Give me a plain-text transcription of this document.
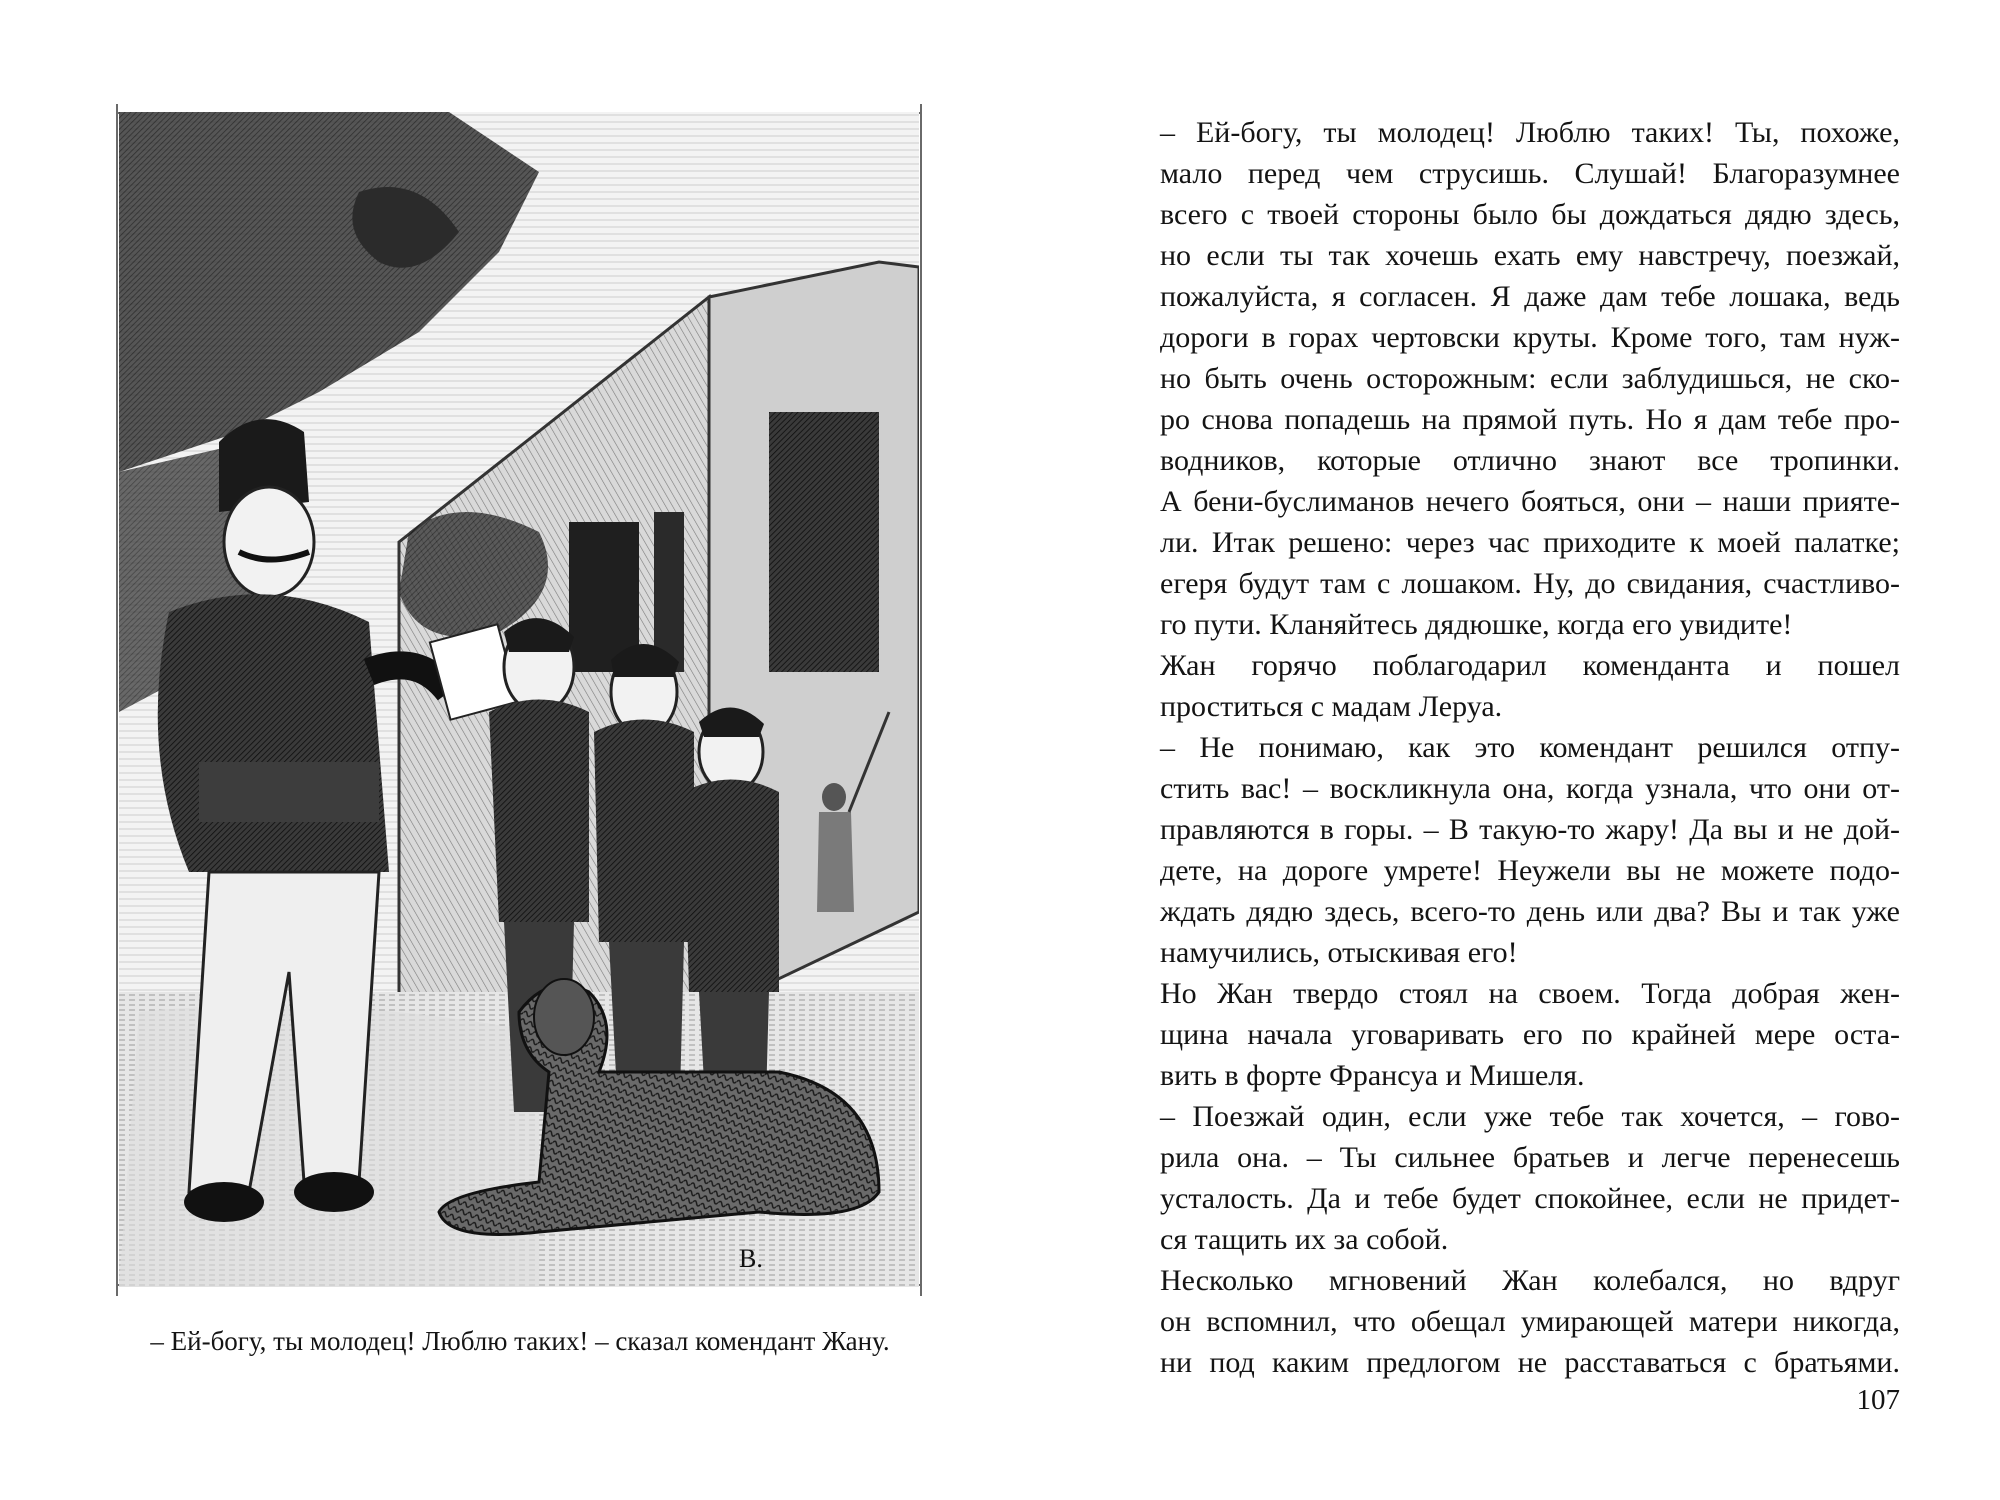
В.
– Ей-богу, ты молодец! Люблю таких! – сказал комендант Жану.

– Ей-богу, ты молодец! Люблю таких! Ты, похоже,
мало перед чем струсишь. Слушай! Благоразумнее
всего с твоей стороны было бы дождаться дядю здесь,
но если ты так хочешь ехать ему навстречу, поезжай,
пожалуйста, я согласен. Я даже дам тебе лошака, ведь
дороги в горах чертовски круты. Кроме того, там нуж-
но быть очень осторожным: если заблудишься, не ско-
ро снова попадешь на прямой путь. Но я дам тебе про-
водников, которые отлично знают все тропинки.
А бени-буслиманов нечего бояться, они – наши прияте-
ли. Итак решено: через час приходите к моей палатке;
егеря будут там с лошаком. Ну, до свидания, счастливо-
го пути. Кланяйтесь дядюшке, когда его увидите!

Жан горячо поблагодарил коменданта и пошел
проститься с мадам Леруа.

– Не понимаю, как это комендант решился отпу-
стить вас! – воскликнула она, когда узнала, что они от-
правляются в горы. – В такую-то жару! Да вы и не дой-
дете, на дороге умрете! Неужели вы не можете подо-
ждать дядю здесь, всего-то день или два? Вы и так уже
намучились, отыскивая его!

Но Жан твердо стоял на своем. Тогда добрая жен-
щина начала уговаривать его по крайней мере оста-
вить в форте Франсуа и Мишеля.

– Поезжай один, если уже тебе так хочется, – гово-
рила она. – Ты сильнее братьев и легче перенесешь
усталость. Да и тебе будет спокойнее, если не придет-
ся тащить их за собой.

Несколько мгновений Жан колебался, но вдруг
он вспомнил, что обещал умирающей матери никогда,
ни под каким предлогом не расставаться с братьями.

107
